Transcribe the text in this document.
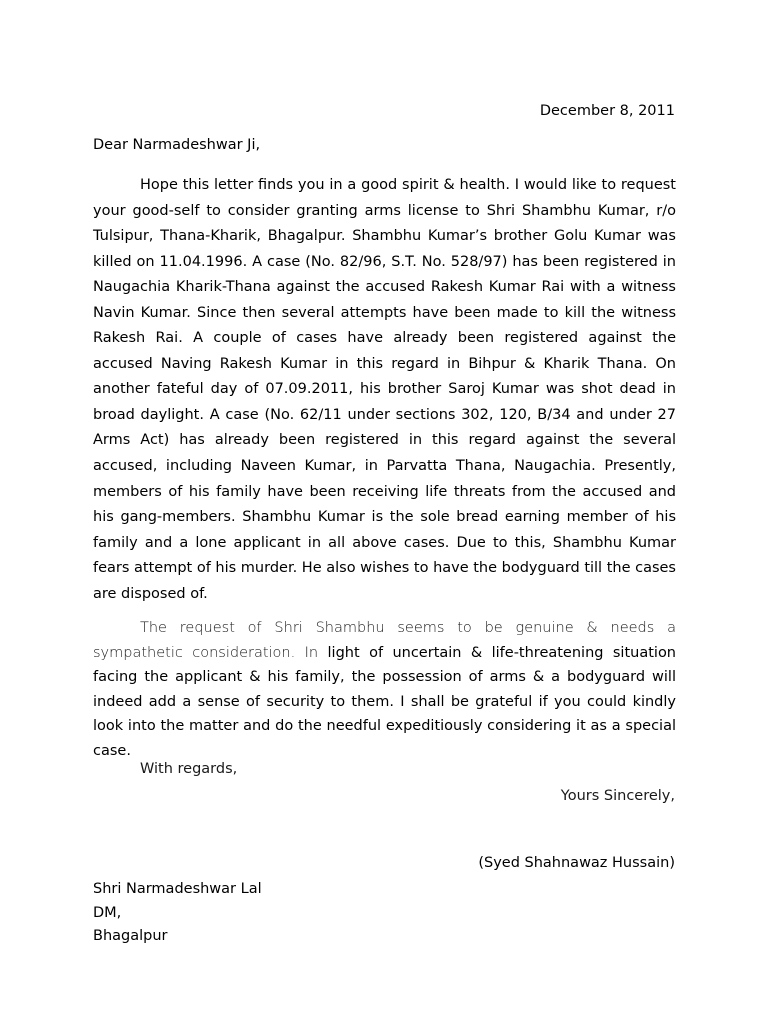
December 8, 2011
Dear Narmadeshwar Ji,

Hope this letter finds you in a good spirit & health. I would like to request your good-self to consider granting arms license to Shri Shambhu Kumar, r/o Tulsipur, Thana-Kharik, Bhagalpur. Shambhu Kumar’s brother Golu Kumar was killed on 11.04.1996. A case (No. 82/96, S.T. No. 528/97) has been registered in Naugachia Kharik-Thana against the accused Rakesh Kumar Rai with a witness Navin Kumar. Since then several attempts have been made to kill the witness Rakesh Rai. A couple of cases have already been registered against the accused Naving Rakesh Kumar in this regard in Bihpur & Kharik Thana. On another fateful day of 07.09.2011, his brother Saroj Kumar was shot dead in broad daylight. A case (No. 62/11 under sections 302, 120, B/34 and under 27 Arms Act) has already been registered in this regard against the several accused, including Naveen Kumar, in Parvatta Thana, Naugachia. Presently, members of his family have been receiving life threats from the accused and his gang-members. Shambhu Kumar is the sole bread earning member of his family and a lone applicant in all above cases. Due to this, Shambhu Kumar fears attempt of his murder. He also wishes to have the bodyguard till the cases are disposed of.

The request of Shri Shambhu seems to be genuine & needs a sympathetic consideration. In light of uncertain & life-threatening situation facing the applicant & his family, the possession of arms & a bodyguard will indeed add a sense of security to them. I shall be grateful if you could kindly look into the matter and do the needful expeditiously considering it as a special case.

With regards,
Yours Sincerely,
(Syed Shahnawaz Hussain)
Shri Narmadeshwar Lal
DM,
Bhagalpur
